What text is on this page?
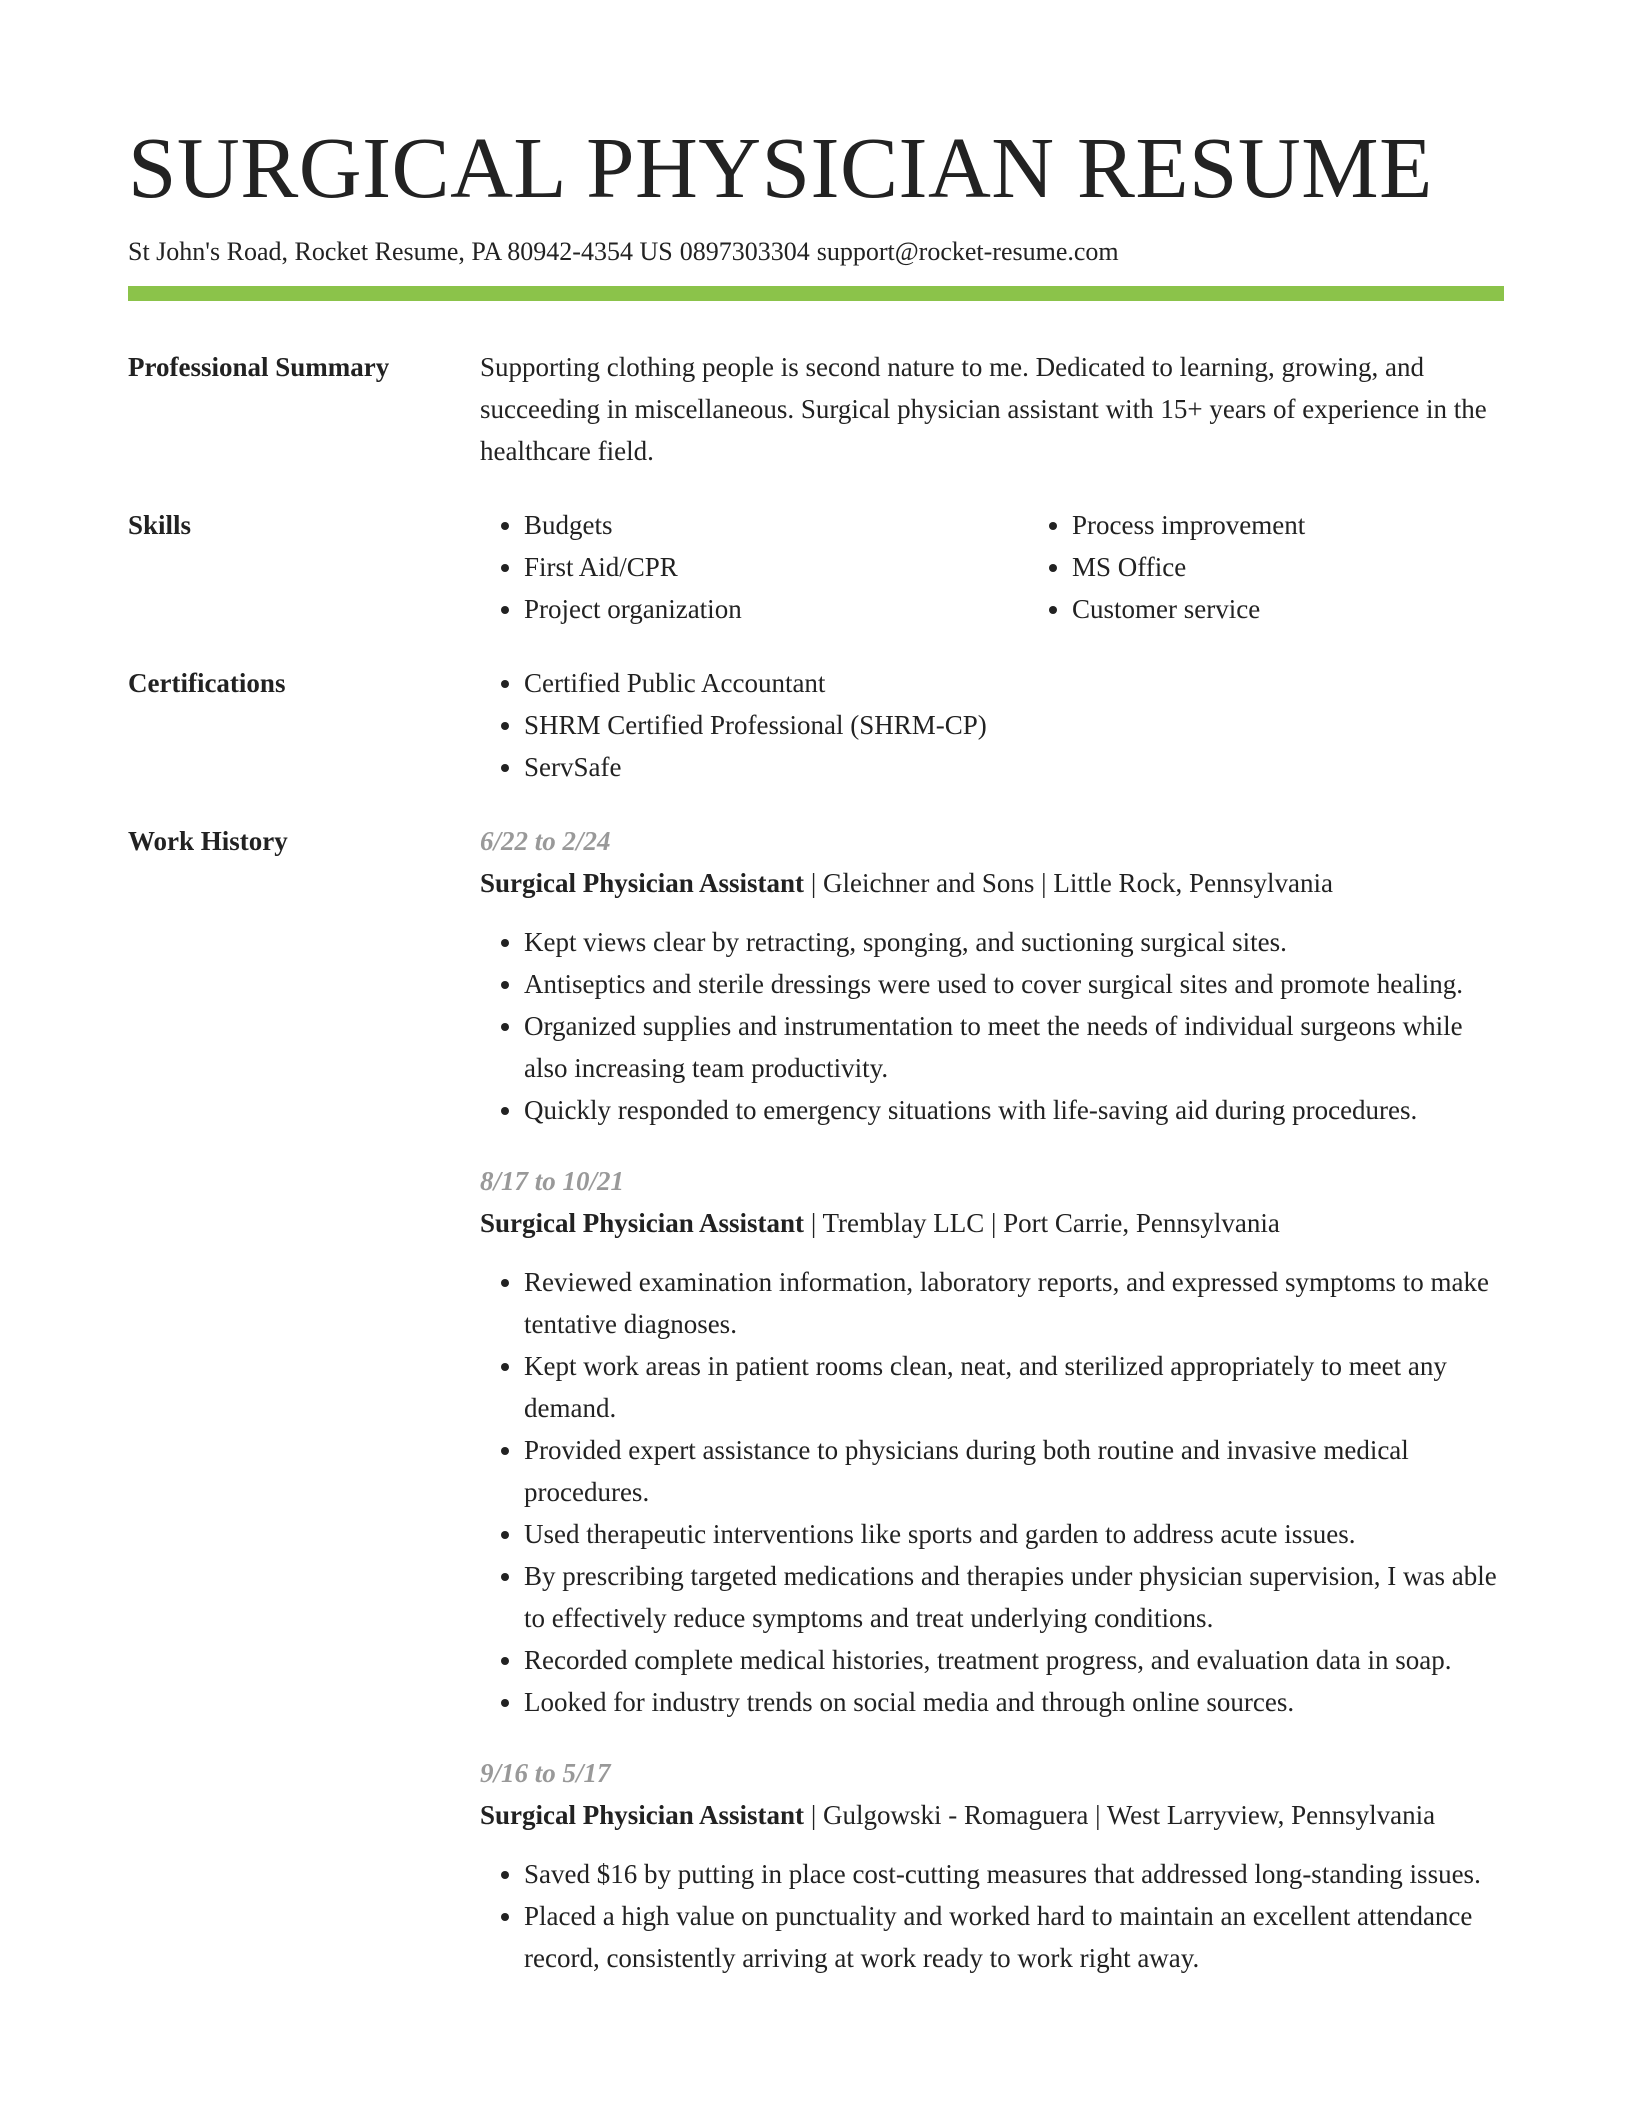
SURGICAL PHYSICIAN RESUME
St John's Road, Rocket Resume, PA 80942-4354 US 0897303304 support@rocket-resume.com
Professional Summary	Supporting clothing people is second nature to me. Dedicated to learning, growing, and succeeding in miscellaneous. Surgical physician assistant with 15+ years of experience in the healthcare field.

Skills	• Budgets
• First Aid/CPR
• Project organization
• Process improvement
• MS Office
• Customer service
Certifications	• Certified Public Accountant
• SHRM Certified Professional (SHRM-CP)
• ServSafe
Work History	6/22 to 2/24
Surgical Physician Assistant | Gleichner and Sons | Little Rock, Pennsylvania
• Kept views clear by retracting, sponging, and suctioning surgical sites.
• Antiseptics and sterile dressings were used to cover surgical sites and promote healing.
• Organized supplies and instrumentation to meet the needs of individual surgeons while also increasing team productivity.
• Quickly responded to emergency situations with life-saving aid during procedures.
8/17 to 10/21
Surgical Physician Assistant | Tremblay LLC | Port Carrie, Pennsylvania
• Reviewed examination information, laboratory reports, and expressed symptoms to make tentative diagnoses.
• Kept work areas in patient rooms clean, neat, and sterilized appropriately to meet any demand.
• Provided expert assistance to physicians during both routine and invasive medical procedures.
• Used therapeutic interventions like sports and garden to address acute issues.
• By prescribing targeted medications and therapies under physician supervision, I was able to effectively reduce symptoms and treat underlying conditions.
• Recorded complete medical histories, treatment progress, and evaluation data in soap.
• Looked for industry trends on social media and through online sources.
9/16 to 5/17
Surgical Physician Assistant | Gulgowski - Romaguera | West Larryview, Pennsylvania
• Saved $16 by putting in place cost-cutting measures that addressed long-standing issues.
• Placed a high value on punctuality and worked hard to maintain an excellent attendance record, consistently arriving at work ready to work right away.
